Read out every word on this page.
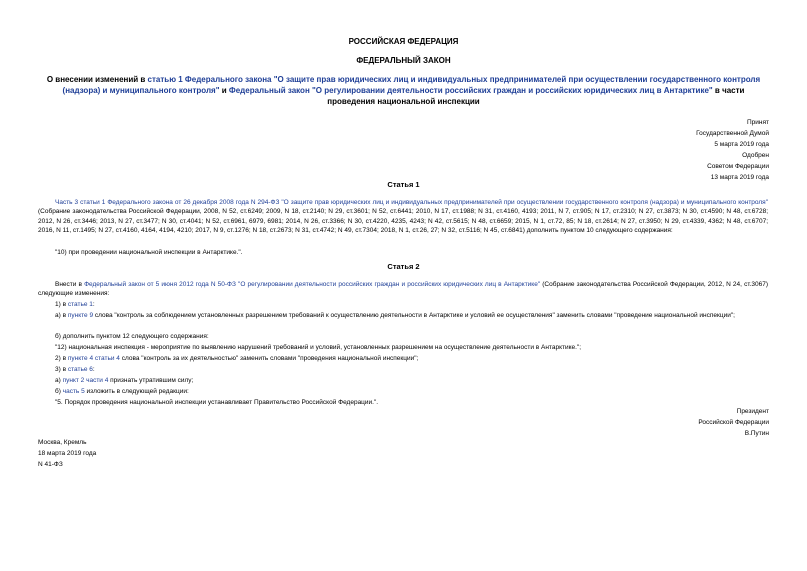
РОССИЙСКАЯ ФЕДЕРАЦИЯ
ФЕДЕРАЛЬНЫЙ ЗАКОН
О внесении изменений в статью 1 Федерального закона "О защите прав юридических лиц и индивидуальных предпринимателей при осуществлении государственного контроля (надзора) и муниципального контроля" и Федеральный закон "О регулировании деятельности российских граждан и российских юридических лиц в Антарктике" в части проведения национальной инспекции
Принят
Государственной Думой
5 марта 2019 года
Одобрен
Советом Федерации
13 марта 2019 года
Статья 1
Часть 3 статьи 1 Федерального закона от 26 декабря 2008 года N 294-ФЗ "О защите прав юридических лиц и индивидуальных предпринимателей при осуществлении государственного контроля (надзора) и муниципального контроля" (Собрание законодательства Российской Федерации, 2008, N 52, ст.6249; 2009, N 18, ст.2140; N 29, ст.3601; N 52, ст.6441; 2010, N 17, ст.1988; N 31, ст.4160, 4193; 2011, N 7, ст.905; N 17, ст.2310; N 27, ст.3873; N 30, ст.4590; N 48, ст.6728; 2012, N 26, ст.3446; 2013, N 27, ст.3477; N 30, ст.4041; N 52, ст.6961, 6979, 6981; 2014, N 26, ст.3366; N 30, ст.4220, 4235, 4243; N 42, ст.5615; N 48, ст.6659; 2015, N 1, ст.72, 85; N 18, ст.2614; N 27, ст.3950; N 29, ст.4339, 4362; N 48, ст.6707; 2016, N 11, ст.1495; N 27, ст.4160, 4164, 4194, 4210; 2017, N 9, ст.1276; N 18, ст.2673; N 31, ст.4742; N 49, ст.7304; 2018, N 1, ст.26, 27; N 32, ст.5116; N 45, ст.6841) дополнить пунктом 10 следующего содержания:
"10) при проведении национальной инспекции в Антарктике.".
Статья 2
Внести в Федеральный закон от 5 июня 2012 года N 50-ФЗ "О регулировании деятельности российских граждан и российских юридических лиц в Антарктике" (Собрание законодательства Российской Федерации, 2012, N 24, ст.3067) следующие изменения:
1) в статье 1:
а) в пункте 9 слова "контроль за соблюдением установленных разрешением требований к осуществлению деятельности в Антарктике и условий ее осуществления" заменить словами "проведение национальной инспекции";
б) дополнить пунктом 12 следующего содержания:
"12) национальная инспекция - мероприятие по выявлению нарушений требований и условий, установленных разрешением на осуществление деятельности в Антарктике.";
2) в пункте 4 статьи 4 слова "контроль за их деятельностью" заменить словами "проведения национальной инспекции";
3) в статье 6:
а) пункт 2 части 4 признать утратившим силу;
б) часть 5 изложить в следующей редакции:
"5. Порядок проведения национальной инспекции устанавливает Правительство Российской Федерации.".
Президент
Российской Федерации
В.Путин
Москва, Кремль
18 марта 2019 года
N 41-ФЗ
